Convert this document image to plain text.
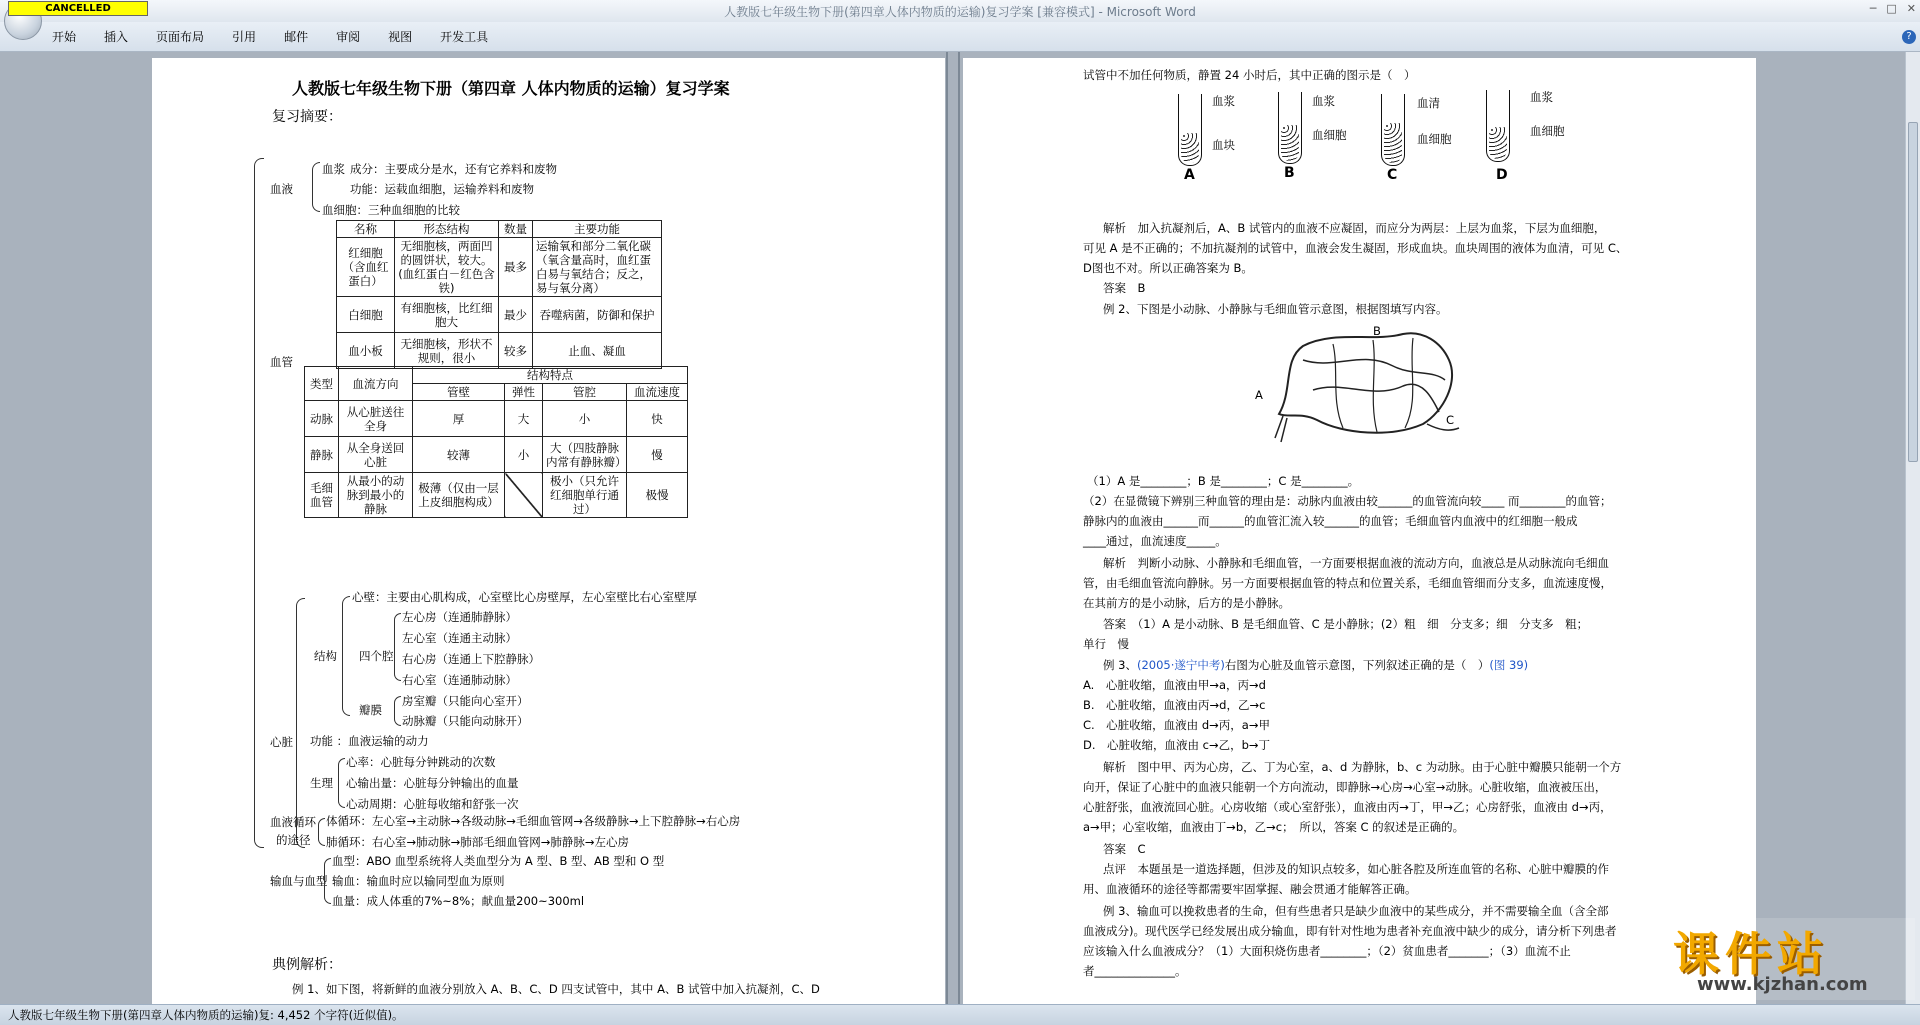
CANCELLED	人教版七年级生物下册(第四章人体内物质的运输)复习学案 [兼容模式] - Microsoft Word	─ □ ✕
开始 插入 页面布局 引用 邮件 审阅 视图 开发工具	?
人教版七年级生物下册（第四章 人体内物质的运输）复习学案
复习摘要：
血液
血浆 成分：主要成分是水，还有它养料和废物
功能：运载血细胞，运输养料和废物
血细胞：三种血细胞的比较
名称	形态结构	数量	主要功能
红细胞（含血红蛋白）	无细胞核，两面凹的圆饼状，较大。(血红蛋白－红色含铁)	最多	运输氧和部分二氧化碳（氧含量高时，血红蛋白易与氧结合；反之，易与氧分离）
白细胞	有细胞核，比红细胞大	最少	吞噬病菌，防御和保护
血小板	无细胞核，形状不规则，很小	较多	止血、凝血
血管
类型	血流方向	结构特点			
		管壁	弹性	管腔	血流速度
动脉	从心脏送往全身	厚	大	小	快
静脉	从全身送回心脏	较薄	小	大（四肢静脉内常有静脉瓣）	慢
毛细血管	从最小的动脉到最小的静脉	极薄（仅由一层上皮细胞构成）		极小（只允许红细胞单行通过）	极慢
心脏
结构
心壁：主要由心肌构成，心室壁比心房壁厚，左心室壁比右心室壁厚
四个腔
左心房（连通肺静脉）
左心室（连通主动脉）
右心房（连通上下腔静脉）
右心室（连通肺动脉）
瓣膜
房室瓣（只能向心室开）
动脉瓣（只能向动脉开）
功能 ：血液运输的动力
生理
心率：心脏每分钟跳动的次数
心输出量：心脏每分钟输出的血量
心动周期：心脏每收缩和舒张一次
血液循环
的途径
体循环：左心室→主动脉→各级动脉→毛细血管网→各级静脉→上下腔静脉→右心房
肺循环：右心室→肺动脉→肺部毛细血管网→肺静脉→左心房
输血与血型
血型：ABO 血型系统将人类血型分为 A 型、B 型、AB 型和 O 型
输血：输血时应以输同型血为原则
血量：成人体重的7%~8%；献血量200~300ml
典例解析：
例 1、如下图，将新鲜的血液分别放入 A、B、C、D 四支试管中，其中 A、B 试管中加入抗凝剂，C、D
试管中不加任何物质，静置 24 小时后，其中正确的图示是（　）
血浆
血块
A
血浆
血细胞
B
血清
血细胞
C
血浆
血细胞
D
解析　加入抗凝剂后，A、B 试管内的血液不应凝固，而应分为两层：上层为血浆，下层为血细胞，
可见 A 是不正确的；不加抗凝剂的试管中，血液会发生凝固，形成血块。血块周围的液体为血清，可见 C、
D图也不对。所以正确答案为 B。
答案　B
例 2、下图是小动脉、小静脉与毛细血管示意图，根据图填写内容。
A
B
C
（1）A 是________；B 是________；C 是________。
（2）在显微镜下辨别三种血管的理由是：动脉内血液由较______的血管流向较____ 而________的血管；
静脉内的血液由______而______的血管汇流入较______的血管；毛细血管内血液中的红细胞一般成
____通过，血流速度_____。
解析　判断小动脉、小静脉和毛细血管，一方面要根据血液的流动方向，血液总是从动脉流向毛细血
管，由毛细血管流向静脉。另一方面要根据血管的特点和位置关系，毛细血管细而分支多，血流速度慢，
在其前方的是小动脉，后方的是小静脉。
答案　（1）A 是小动脉、B 是毛细血管、C 是小静脉；(2）粗　细　分支多；细　分支多　粗；
单行　慢
例 3、(2005·遂宁中考)右图为心脏及血管示意图，下列叙述正确的是（　）(图 39)
A.　心脏收缩，血液由甲→a，丙→d
B.　心脏收缩，血液由丙→d，乙→c
C.　心脏收缩，血液由 d→丙，a→甲
D.　心脏收缩，血液由 c→乙，b→丁
解析　图中甲、丙为心房，乙、丁为心室，a、d 为静脉，b、c 为动脉。由于心脏中瓣膜只能朝一个方
向开，保证了心脏中的血液只能朝一个方向流动，即静脉→心房→心室→动脉。心脏收缩，血液被压出，
心脏舒张，血液流回心脏。心房收缩（或心室舒张），血液由丙→丁，甲→乙；心房舒张，血液由 d→丙，
a→甲；心室收缩，血液由丁→b，乙→c；　所以，答案 C 的叙述是正确的。
答案　C
点评　本题虽是一道选择题，但涉及的知识点较多，如心脏各腔及所连血管的名称、心脏中瓣膜的作
用、血液循环的途径等都需要牢固掌握、融会贯通才能解答正确。
例 3、输血可以挽救患者的生命，但有些患者只是缺少血液中的某些成分，并不需要输全血（含全部
血液成分)。现代医学已经发展出成分输血，即有针对性地为患者补充血液中缺少的成分，请分析下列患者
应该输入什么血液成分？（1）大面积烧伤患者________；（2）贫血患者_______；（3）血流不止
者______________。	课件站
www.kjzhan.com
人教版七年级生物下册(第四章人体内物质的运输)复: 4,452 个字符(近似值)。
